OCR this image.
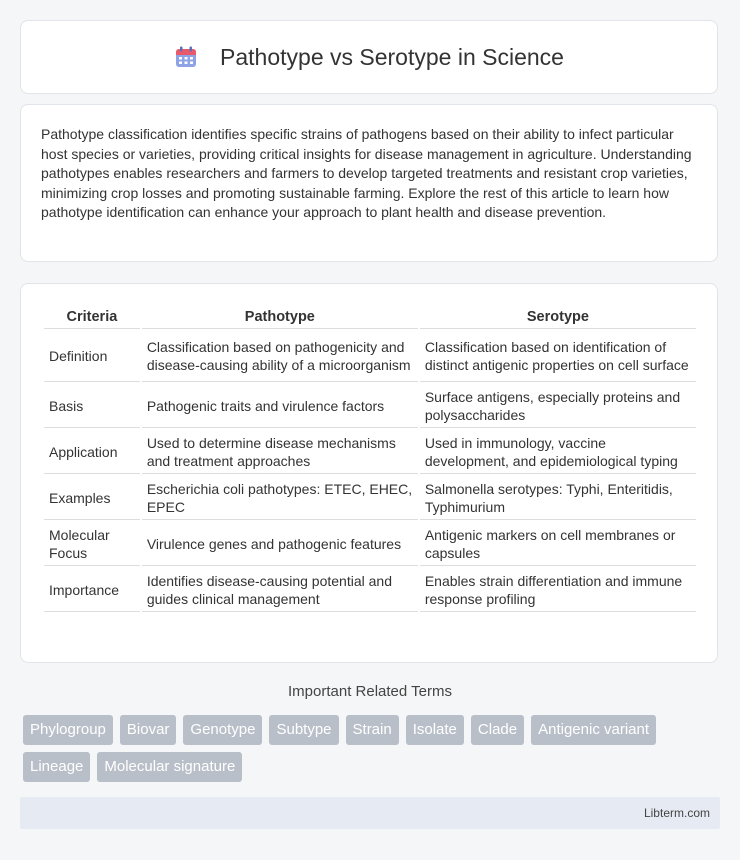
Pathotype vs Serotype in Science

Pathotype classification identifies specific strains of pathogens based on their ability to infect particular host species or varieties, providing critical insights for disease management in agriculture. Understanding pathotypes enables researchers and farmers to develop targeted treatments and resistant crop varieties, minimizing crop losses and promoting sustainable farming. Explore the rest of this article to learn how pathotype identification can enhance your approach to plant health and disease prevention.

Criteria	Pathotype	Serotype
Definition	Classification based on pathogenicity and disease-causing ability of a microorganism	Classification based on identification of distinct antigenic properties on cell surface
Basis	Pathogenic traits and virulence factors	Surface antigens, especially proteins and polysaccharides
Application	Used to determine disease mechanisms and treatment approaches	Used in immunology, vaccine development, and epidemiological typing
Examples	Escherichia coli pathotypes: ETEC, EHEC, EPEC	Salmonella serotypes: Typhi, Enteritidis, Typhimurium
Molecular Focus	Virulence genes and pathogenic features	Antigenic markers on cell membranes or capsules
Importance	Identifies disease-causing potential and guides clinical management	Enables strain differentiation and immune response profiling
Important Related Terms
Phylogroup	Biovar	Genotype	Subtype	Strain	Isolate	Clade	Antigenic variant
Lineage	Molecular signature
Libterm.com
